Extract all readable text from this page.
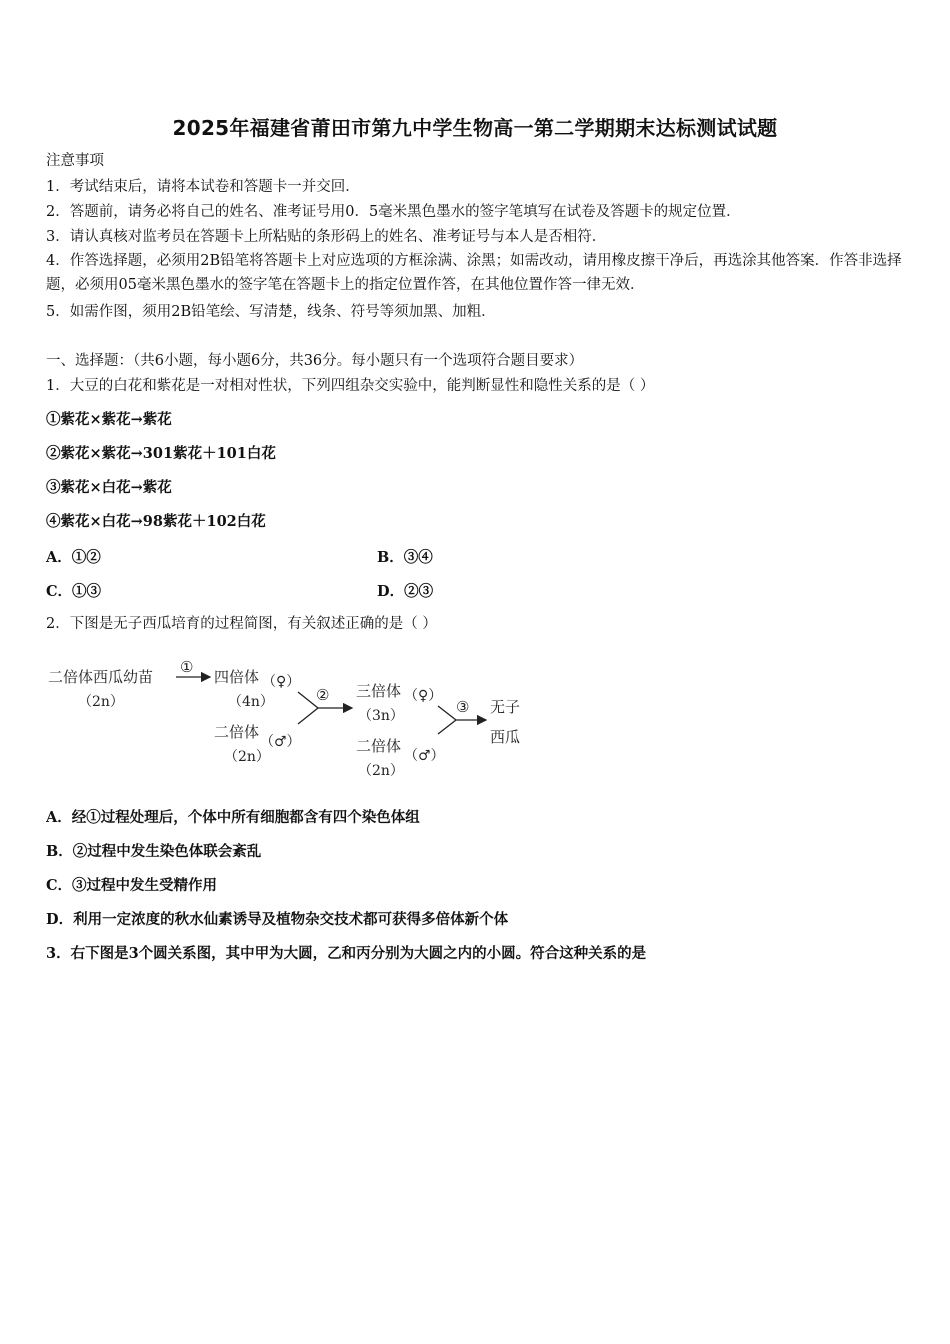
2025年福建省莆田市第九中学生物高一第二学期期末达标测试试题
注意事项
1．考试结束后，请将本试卷和答题卡一并交回．
2．答题前，请务必将自己的姓名、准考证号用0．5毫米黑色墨水的签字笔填写在试卷及答题卡的规定位置．
3．请认真核对监考员在答题卡上所粘贴的条形码上的姓名、准考证号与本人是否相符．
4．作答选择题，必须用2B铅笔将答题卡上对应选项的方框涂满、涂黑；如需改动，请用橡皮擦干净后，再选涂其他答案．作答非选择题，必须用05毫米黑色墨水的签字笔在答题卡上的指定位置作答，在其他位置作答一律无效．
5．如需作图，须用2B铅笔绘、写清楚，线条、符号等须加黑、加粗．
一、选择题：（共6小题，每小题6分，共36分。每小题只有一个选项符合题目要求）
1．大豆的白花和紫花是一对相对性状，下列四组杂交实验中，能判断显性和隐性关系的是（ ）
①紫花×紫花→紫花
②紫花×紫花→301紫花＋101白花
③紫花×白花→紫花
④紫花×白花→98紫花＋102白花
A．①②	B．③④
C．①③	D．②③
2．下图是无子西瓜培育的过程简图，有关叙述正确的是（ ）
二倍体西瓜幼苗
（2n）
①
四倍体
（4n）
（♀）
二倍体
（2n）
（♂）
② 三倍体
（3n）
（♀）
二倍体
（2n）
（♂）
③ 无子
西瓜
A．经①过程处理后，个体中所有细胞都含有四个染色体组
B．②过程中发生染色体联会紊乱
C．③过程中发生受精作用
D．利用一定浓度的秋水仙素诱导及植物杂交技术都可获得多倍体新个体
3．右下图是3个圆关系图，其中甲为大圆，乙和丙分别为大圆之内的小圆。符合这种关系的是
